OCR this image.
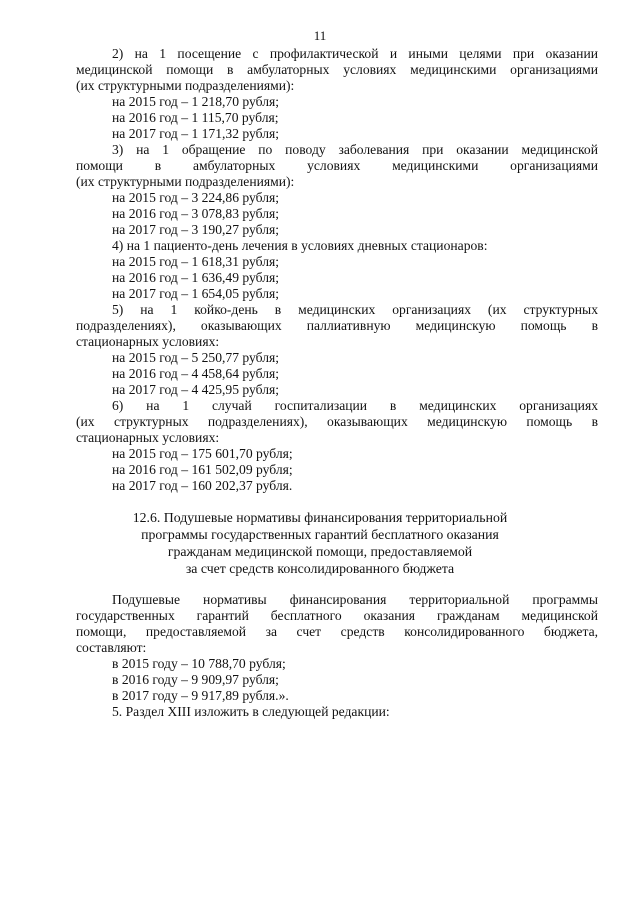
11
2) на 1 посещение с профилактической и иными целями при оказании
медицинской помощи в амбулаторных условиях медицинскими организациями
(их структурными подразделениями):
на 2015 год – 1 218,70 рубля;
на 2016 год – 1 115,70 рубля;
на 2017 год – 1 171,32 рубля;
3) на 1 обращение по поводу заболевания при оказании медицинской
помощи в амбулаторных условиях медицинскими организациями
(их структурными подразделениями):
на 2015 год – 3 224,86 рубля;
на 2016 год – 3 078,83 рубля;
на 2017 год – 3 190,27 рубля;
4) на 1 пациенто-день лечения в условиях дневных стационаров:
на 2015 год – 1 618,31 рубля;
на 2016 год – 1 636,49 рубля;
на 2017 год – 1 654,05 рубля;
5) на 1 койко-день в медицинских организациях (их структурных
подразделениях), оказывающих паллиативную медицинскую помощь в
стационарных условиях:
на 2015 год – 5 250,77 рубля;
на 2016 год – 4 458,64 рубля;
на 2017 год – 4 425,95 рубля;
6) на 1 случай госпитализации в медицинских организациях
(их структурных подразделениях), оказывающих медицинскую помощь в
стационарных условиях:
на 2015 год – 175 601,70 рубля;
на 2016 год – 161 502,09 рубля;
на 2017 год – 160 202,37 рубля.
12.6. Подушевые нормативы финансирования территориальной
программы государственных гарантий бесплатного оказания
гражданам медицинской помощи, предоставляемой
за счет средств консолидированного бюджета
Подушевые нормативы финансирования территориальной программы
государственных гарантий бесплатного оказания гражданам медицинской
помощи, предоставляемой за счет средств консолидированного бюджета,
составляют:
в 2015 году – 10 788,70 рубля;
в 2016 году – 9 909,97 рубля;
в 2017 году – 9 917,89 рубля.».
5. Раздел XIII изложить в следующей редакции:
